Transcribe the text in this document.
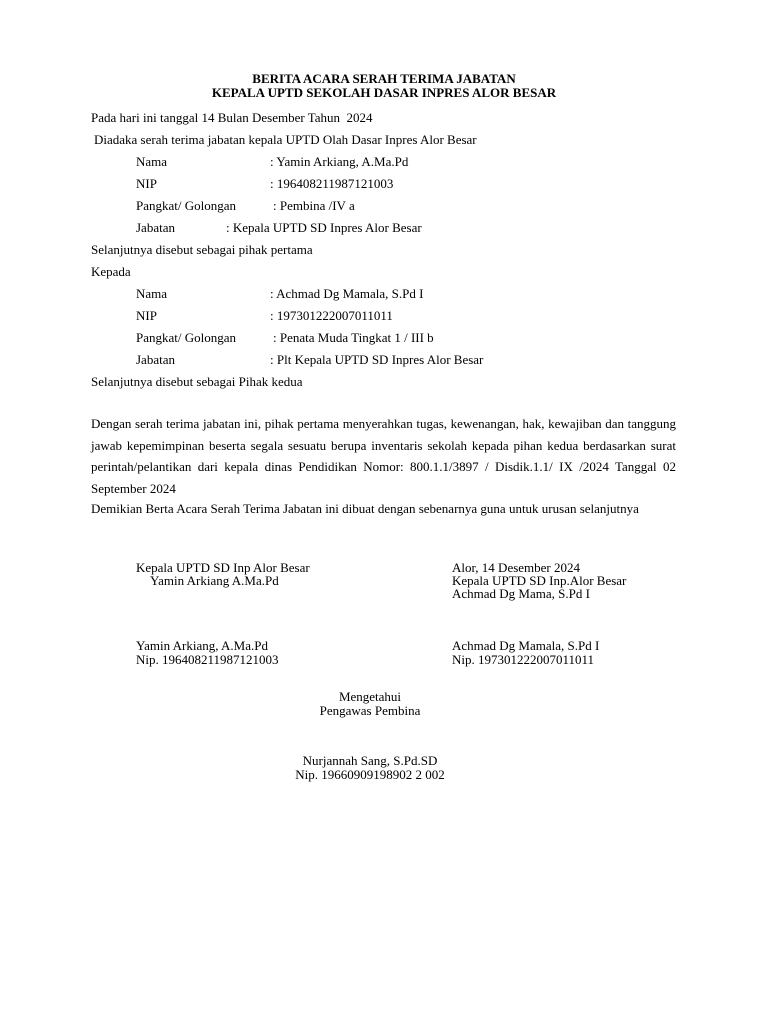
BERITA ACARA SERAH TERIMA JABATAN
KEPALA UPTD SEKOLAH DASAR INPRES ALOR BESAR
Pada hari ini tanggal 14 Bulan Desember Tahun  2024
Diadaka serah terima jabatan kepala UPTD Olah Dasar Inpres Alor Besar
Nama	: Yamin Arkiang, A.Ma.Pd
NIP	: 196408211987121003
Pangkat/ Golongan	: Pembina /IV a
Jabatan	: Kepala UPTD SD Inpres Alor Besar
Selanjutnya disebut sebagai pihak pertama
Kepada
Nama	: Achmad Dg Mamala, S.Pd I
NIP	: 197301222007011011
Pangkat/ Golongan	: Penata Muda Tingkat 1 / III b
Jabatan	: Plt Kepala UPTD SD Inpres Alor Besar
Selanjutnya disebut sebagai Pihak kedua
Dengan serah terima jabatan ini, pihak pertama menyerahkan tugas, kewenangan, hak, kewajiban dan tanggung jawab kepemimpinan beserta segala sesuatu berupa inventaris sekolah kepada pihan kedua berdasarkan surat perintah/pelantikan dari kepala dinas Pendidikan Nomor: 800.1.1/3897 / Disdik.1.1/ IX /2024 Tanggal 02 September 2024
Demikian Berta Acara Serah Terima Jabatan ini dibuat dengan sebenarnya guna untuk urusan selanjutnya
Kepala UPTD SD Inp Alor Besar
Yamin Arkiang A.Ma.Pd
Yamin Arkiang, A.Ma.Pd
Nip. 196408211987121003
Alor, 14 Desember 2024
Kepala UPTD SD Inp.Alor Besar
Achmad Dg Mama, S.Pd I
Achmad Dg Mamala, S.Pd I
Nip. 197301222007011011
Mengetahui
Pengawas Pembina
Nurjannah Sang, S.Pd.SD
Nip. 19660909198902 2 002
